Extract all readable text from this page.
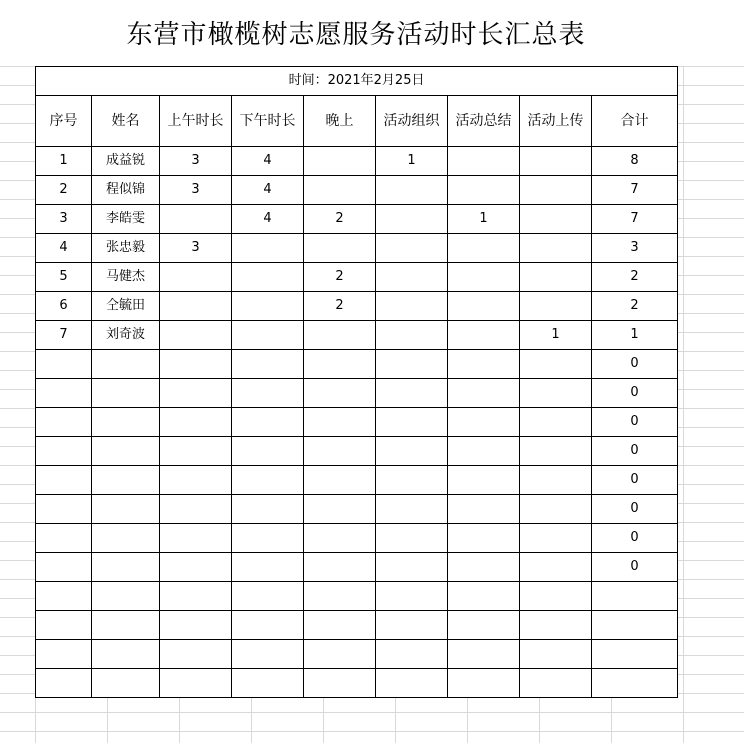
东营市橄榄树志愿服务活动时长汇总表
时间：2021年2月25日								
序号	姓名	上午时长	下午时长	晚上	活动组织	活动总结	活动上传	合计
1	成益锐	3	4		1			8
2	程似锦	3	4					7
3	李皓雯		4	2		1		7
4	张忠毅	3						3
5	马健杰			2				2
6	仝毓田			2				2
7	刘奇波						1	1
								0
								0
								0
								0
								0
								0
								0
								0
